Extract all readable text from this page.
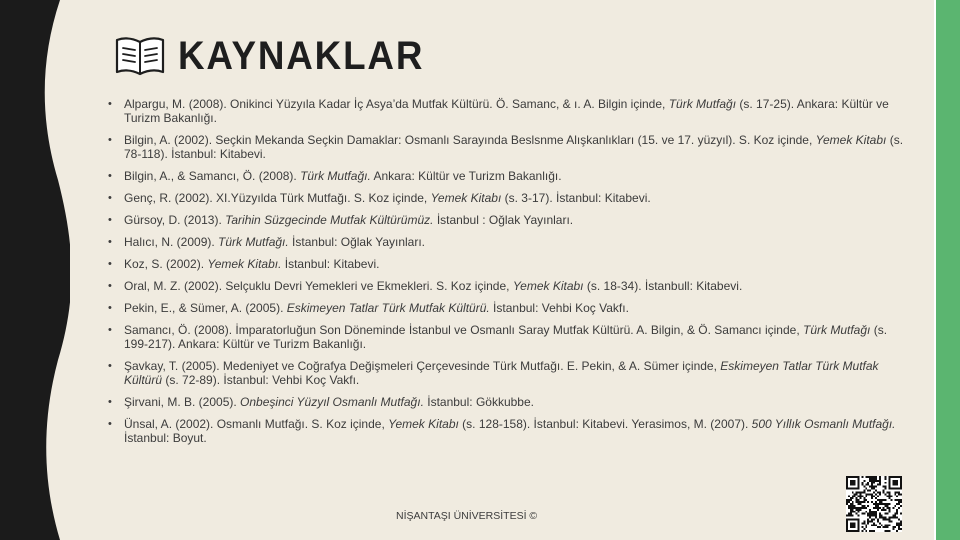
KAYNAKLAR
• Alpargu, M. (2008). Onikinci Yüzyıla Kadar İç Asya’da Mutfak Kültürü. Ö. Samanc, & ı. A. Bilgin içinde, Türk Mutfağı (s. 17-25). Ankara: Kültür ve Turizm Bakanlığı.
• Bilgin, A. (2002). Seçkin Mekanda Seçkin Damaklar: Osmanlı Sarayında Beslsnme Alışkanlıkları (15. ve 17. yüzyıl). S. Koz içinde, Yemek Kitabı (s. 78-118). İstanbul: Kitabevi.
• Bilgin, A., & Samancı, Ö. (2008). Türk Mutfağı. Ankara: Kültür ve Turizm Bakanlığı.
• Genç, R. (2002). XI.Yüzyılda Türk Mutfağı. S. Koz içinde, Yemek Kitabı (s. 3-17). İstanbul: Kitabevi.
• Gürsoy, D. (2013). Tarihin Süzgecinde Mutfak Kültürümüz. İstanbul : Oğlak Yayınları.
• Halıcı, N. (2009). Türk Mutfağı. İstanbul: Oğlak Yayınları.
• Koz, S. (2002). Yemek Kitabı. İstanbul: Kitabevi.
• Oral, M. Z. (2002). Selçuklu Devri Yemekleri ve Ekmekleri. S. Koz içinde, Yemek Kitabı (s. 18-34). İstanbull: Kitabevi.
• Pekin, E., & Sümer, A. (2005). Eskimeyen Tatlar Türk Mutfak Kültürü. İstanbul: Vehbi Koç Vakfı.
• Samancı, Ö. (2008). İmparatorluğun Son Döneminde İstanbul ve Osmanlı Saray Mutfak Kültürü. A. Bilgin, & Ö. Samancı içinde, Türk Mutfağı (s. 199-217). Ankara: Kültür ve Turizm Bakanlığı.
• Şavkay, T. (2005). Medeniyet ve Coğrafya Değişmeleri Çerçevesinde Türk Mutfağı. E. Pekin, & A. Sümer içinde, Eskimeyen Tatlar Türk Mutfak Kültürü (s. 72-89). İstanbul: Vehbi Koç Vakfı.
• Şirvani, M. B. (2005). Onbeşinci Yüzyıl Osmanlı Mutfağı. İstanbul: Gökkubbe.
• Ünsal, A. (2002). Osmanlı Mutfağı. S. Koz içinde, Yemek Kitabı (s. 128-158). İstanbul: Kitabevi. Yerasimos, M. (2007). 500 Yıllık Osmanlı Mutfağı. İstanbul: Boyut.
NİŞANTAŞI ÜNİVERSİTESİ ©
